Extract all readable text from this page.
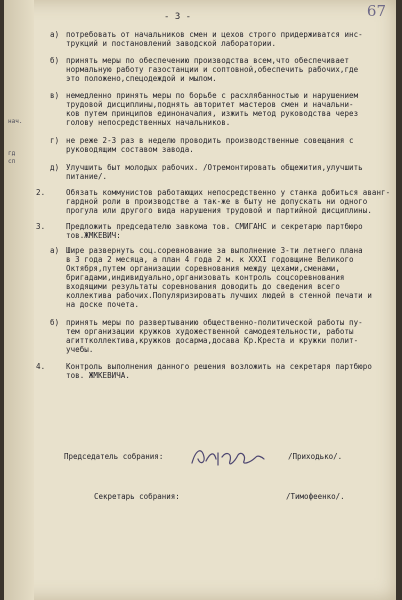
нач.
гд
сп
67
- 3 -
а) потребовать от начальников смен и цехов строго придерживатся инс-
трукций и постановлений заводской лаборатории.
б) принять меры по обеспечению производства всем,что обеспечивает
нормальную работу газостанции и соптовной,обеспечить рабочих,где
это положено,спецодеждой и мылом.
в) немедленно принять меры по борьбе с расхлябанностью и нарушением
трудовой дисциплины,поднять авторитет мастеров смен и начальни-
ков путем принципов единоначалия, изжить метод руководства через
голову непосредственных начальников.
г) не реже 2-3 раз в неделю проводить производственные совещания с
руководящим составом завода.
д) Улучшить быт молодых рабочих. /Отремонтировать общежития,улучшить
питание/.
2.	Обязать коммунистов работающих непосредственно у станка добиться аванг-
гардной роли в производстве а так-же в быту не допускать ни одного
прогула или другого вида нарушения трудовой и партийной дисциплины.
3.	Предложить председателю завкома тов. СМИГАНС и секретарю партбюро
тов.ЖМКЕВИЧ:
а) Шире развернуть соц.соревнование за выполнение 3-ти летнего плана
в 3 года 2 месяца, а план 4 года 2 м. к XXXI годовщине Великого
Октября,путем организации соревнования между цехами,сменами,
бригадами,индивидуально,организовать контроль соцсоревнования
входящими результаты соревнования доводить до сведения всего
коллектива рабочих.Популяризировать лучших людей в стенной печати и
на доске почета.
б) принять меры по развертыванию общественно-политической работы пу-
тем организации кружков художественной самодеятельности, работы
агиттколлектива,кружков досарма,досава Кр.Креста и кружки полит-
учебы.
4.	Контроль выполнения данного решения возложить на секретаря партбюро
тов. ЖМКЕВИЧА.
Председатель собрания:	/Приходько/.
Секретарь собрания:	/Тимофеенко/.
